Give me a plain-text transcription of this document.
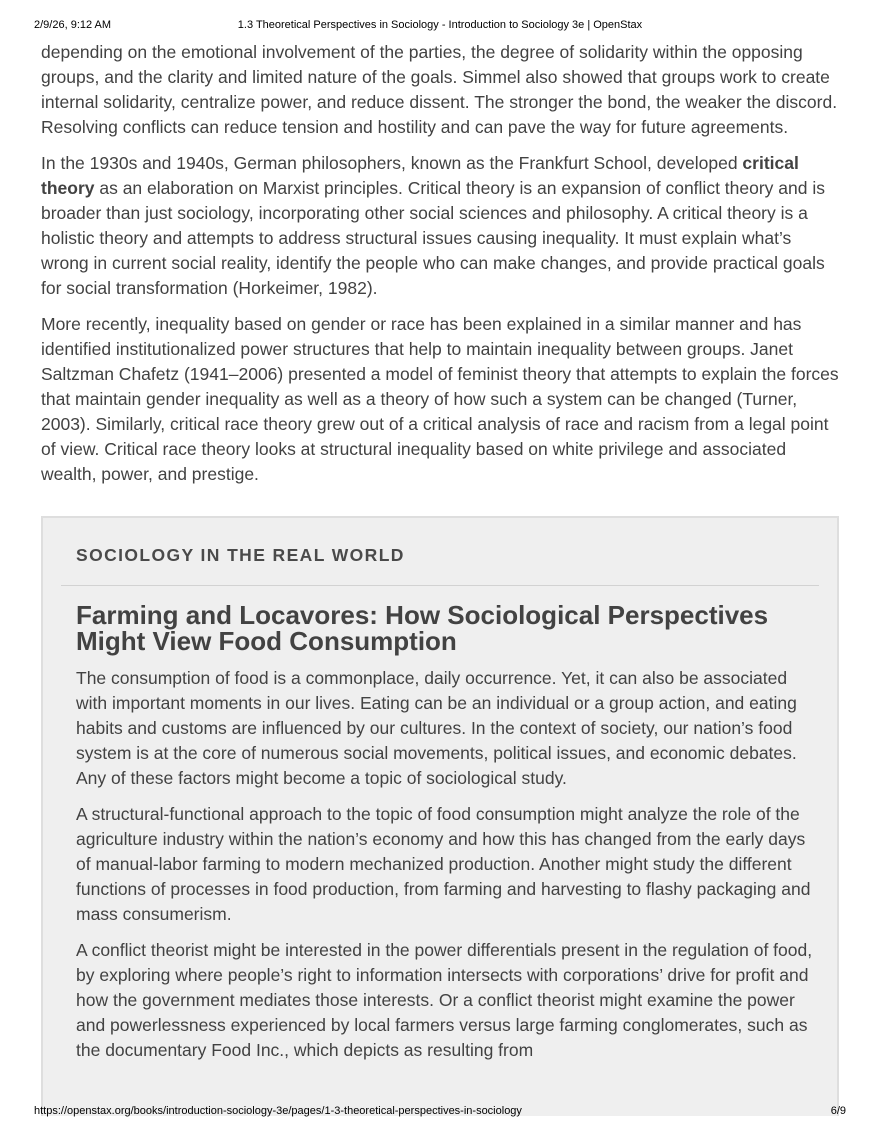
2/9/26, 9:12 AM	1.3 Theoretical Perspectives in Sociology - Introduction to Sociology 3e | OpenStax

depending on the emotional involvement of the parties, the degree of solidarity within the opposing groups, and the clarity and limited nature of the goals. Simmel also showed that groups work to create internal solidarity, centralize power, and reduce dissent. The stronger the bond, the weaker the discord. Resolving conflicts can reduce tension and hostility and can pave the way for future agreements.

In the 1930s and 1940s, German philosophers, known as the Frankfurt School, developed critical theory as an elaboration on Marxist principles. Critical theory is an expansion of conflict theory and is broader than just sociology, incorporating other social sciences and philosophy. A critical theory is a holistic theory and attempts to address structural issues causing inequality. It must explain what’s wrong in current social reality, identify the people who can make changes, and provide practical goals for social transformation (Horkeimer, 1982).

More recently, inequality based on gender or race has been explained in a similar manner and has identified institutionalized power structures that help to maintain inequality between groups. Janet Saltzman Chafetz (1941–2006) presented a model of feminist theory that attempts to explain the forces that maintain gender inequality as well as a theory of how such a system can be changed (Turner, 2003). Similarly, critical race theory grew out of a critical analysis of race and racism from a legal point of view. Critical race theory looks at structural inequality based on white privilege and associated wealth, power, and prestige.

SOCIOLOGY IN THE REAL WORLD
Farming and Locavores: How Sociological Perspectives Might View Food Consumption

The consumption of food is a commonplace, daily occurrence. Yet, it can also be associated with important moments in our lives. Eating can be an individual or a group action, and eating habits and customs are influenced by our cultures. In the context of society, our nation’s food system is at the core of numerous social movements, political issues, and economic debates. Any of these factors might become a topic of sociological study.

A structural-functional approach to the topic of food consumption might analyze the role of the agriculture industry within the nation’s economy and how this has changed from the early days of manual-labor farming to modern mechanized production. Another might study the different functions of processes in food production, from farming and harvesting to flashy packaging and mass consumerism.

A conflict theorist might be interested in the power differentials present in the regulation of food, by exploring where people’s right to information intersects with corporations’ drive for profit and how the government mediates those interests. Or a conflict theorist might examine the power and powerlessness experienced by local farmers versus large farming conglomerates, such as the documentary Food Inc., which depicts as resulting from

https://openstax.org/books/introduction-sociology-3e/pages/1-3-theoretical-perspectives-in-sociology	6/9
